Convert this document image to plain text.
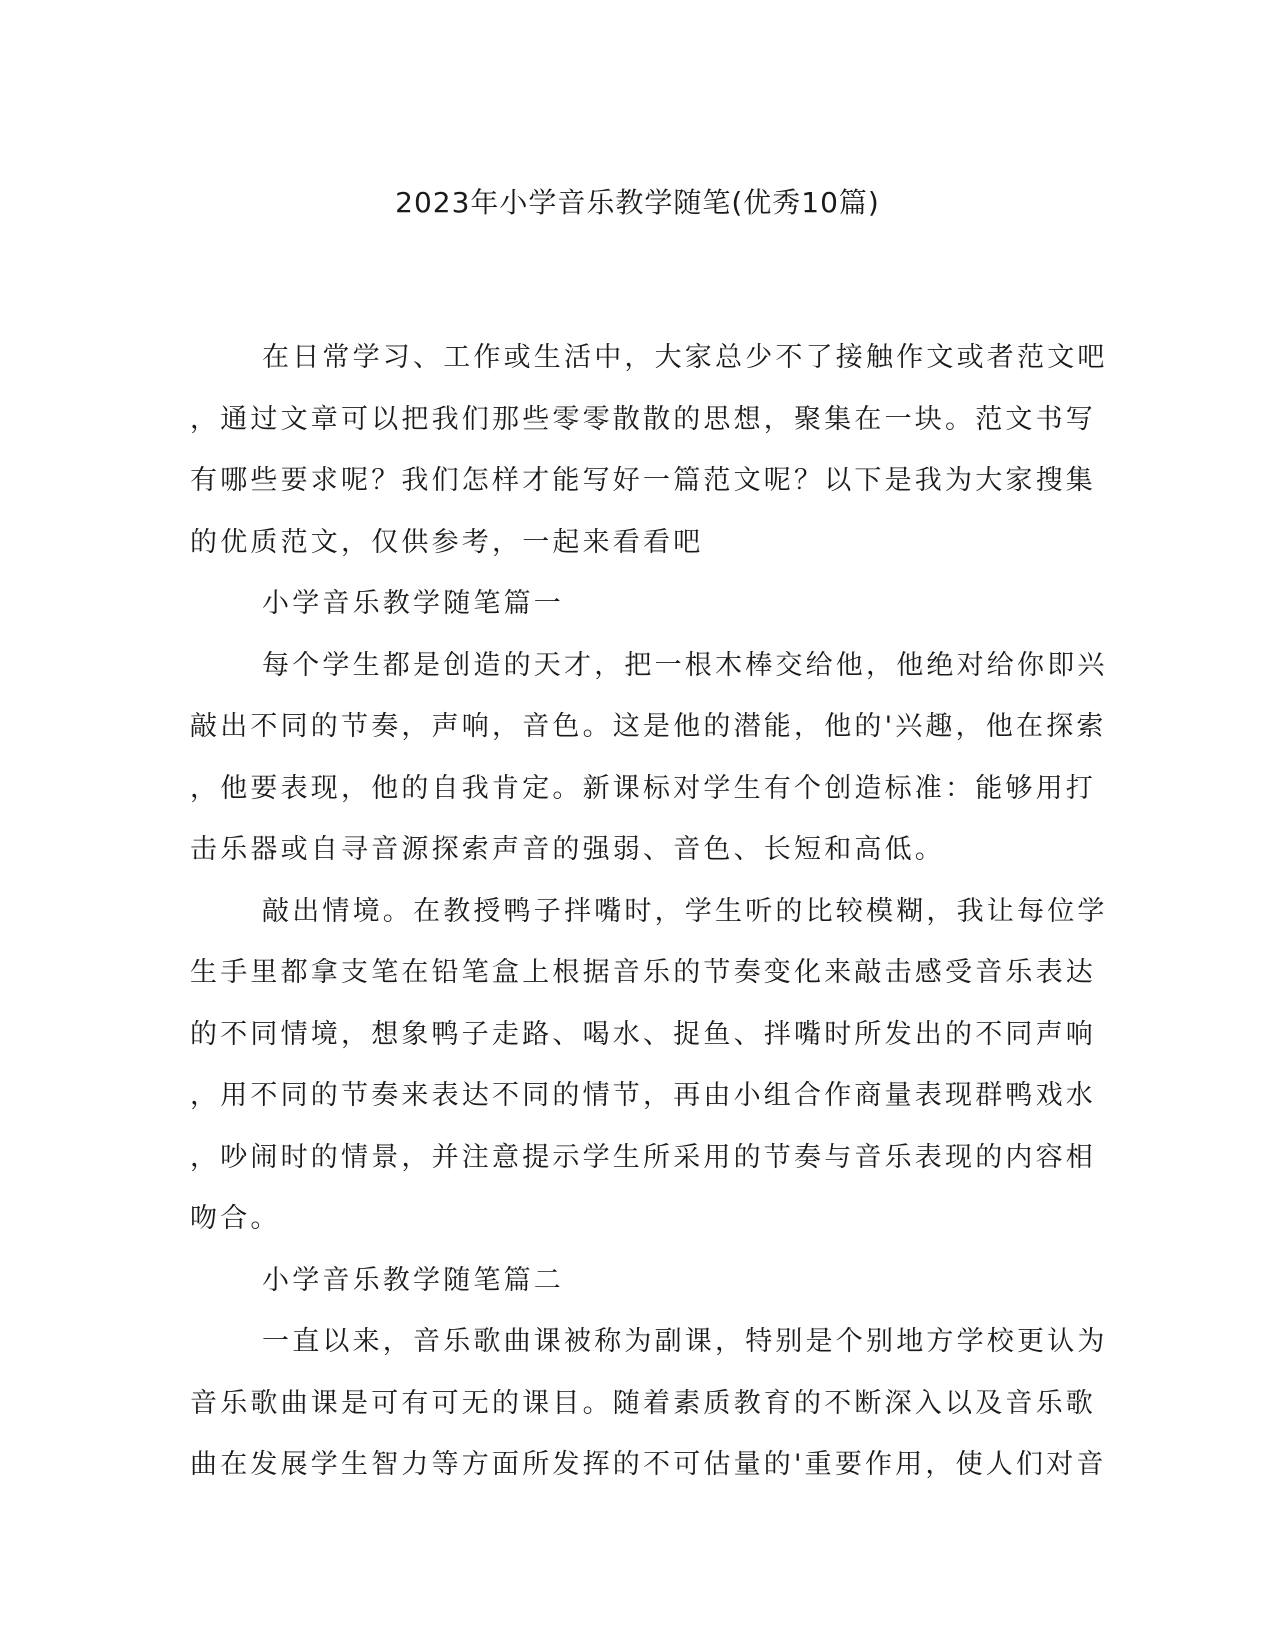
2023年小学音乐教学随笔(优秀10篇)
在日常学习、工作或生活中，大家总少不了接触作文或者范文吧
，通过文章可以把我们那些零零散散的思想，聚集在一块。范文书写
有哪些要求呢？我们怎样才能写好一篇范文呢？以下是我为大家搜集
的优质范文，仅供参考，一起来看看吧
小学音乐教学随笔篇一
每个学生都是创造的天才，把一根木棒交给他，他绝对给你即兴
敲出不同的节奏，声响，音色。这是他的潜能，他的'兴趣，他在探索
，他要表现，他的自我肯定。新课标对学生有个创造标准：能够用打
击乐器或自寻音源探索声音的强弱、音色、长短和高低。
敲出情境。在教授鸭子拌嘴时，学生听的比较模糊，我让每位学
生手里都拿支笔在铅笔盒上根据音乐的节奏变化来敲击感受音乐表达
的不同情境，想象鸭子走路、喝水、捉鱼、拌嘴时所发出的不同声响
，用不同的节奏来表达不同的情节，再由小组合作商量表现群鸭戏水
，吵闹时的情景，并注意提示学生所采用的节奏与音乐表现的内容相
吻合。
小学音乐教学随笔篇二
一直以来，音乐歌曲课被称为副课，特别是个别地方学校更认为
音乐歌曲课是可有可无的课目。随着素质教育的不断深入以及音乐歌
曲在发展学生智力等方面所发挥的不可估量的'重要作用，使人们对音
